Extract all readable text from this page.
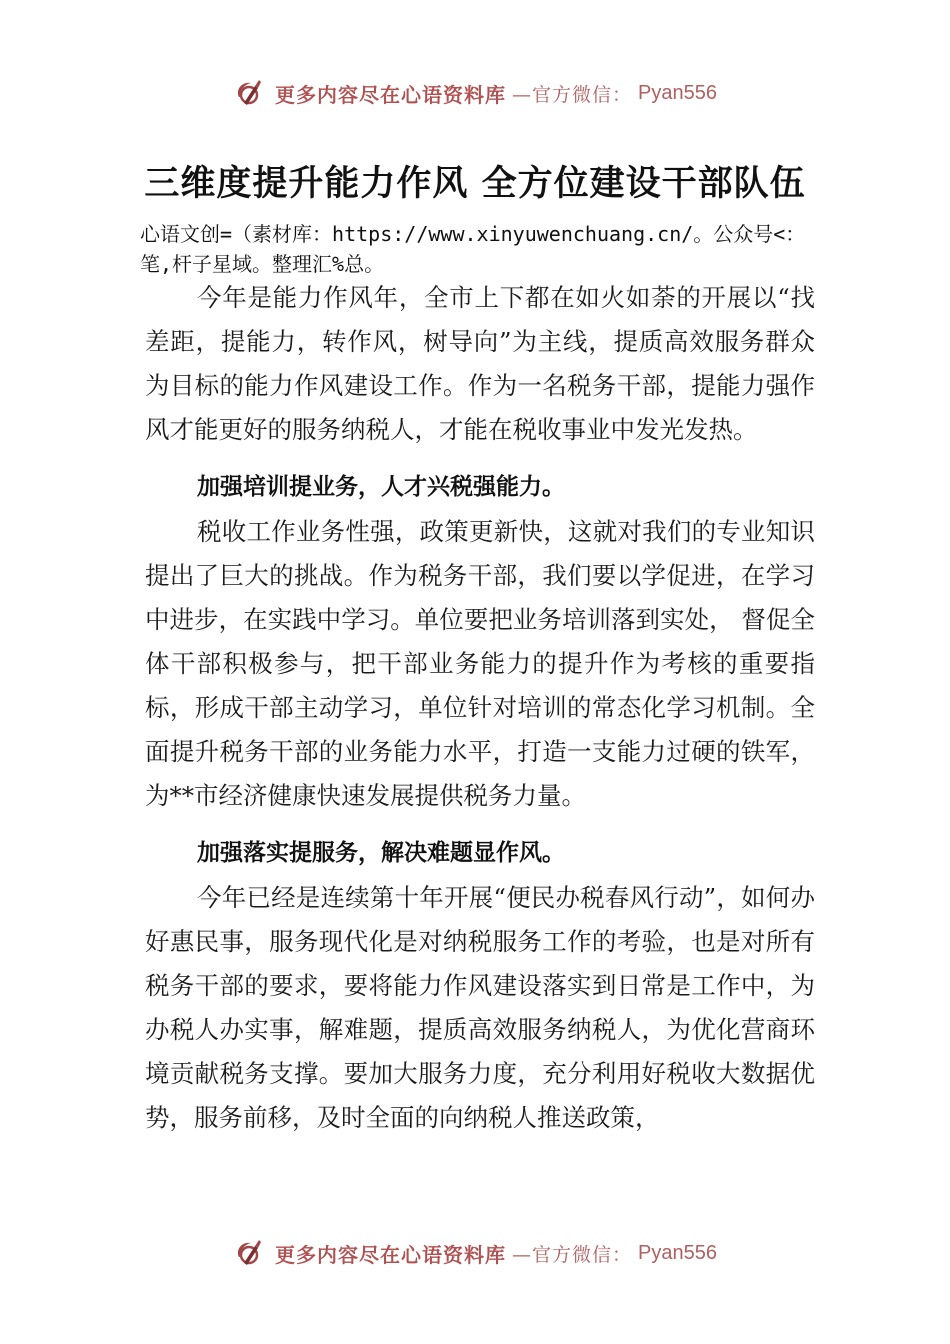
更多内容尽在心语资料库 —官方微信： Pyan556
三维度提升能力作风 全方位建设干部队伍
心语文创=（素材库：https://www.xinyuwenchuang.cn/。公众号<：笔,杆子星域。整理汇%总。

今年是能力作风年，全市上下都在如火如荼的开展以“找差距，提能力，转作风，树导向”为主线，提质高效服务群众为目标的能力作风建设工作。作为一名税务干部，提能力强作风才能更好的服务纳税人，才能在税收事业中发光发热。

加强培训提业务，人才兴税强能力。

税收工作业务性强，政策更新快，这就对我们的专业知识提出了巨大的挑战。作为税务干部，我们要以学促进，在学习中进步，在实践中学习。单位要把业务培训落到实处， 督促全体干部积极参与，把干部业务能力的提升作为考核的重要指标，形成干部主动学习，单位针对培训的常态化学习机制。全面提升税务干部的业务能力水平，打造一支能力过硬的铁军，为**市经济健康快速发展提供税务力量。

加强落实提服务，解决难题显作风。

今年已经是连续第十年开展“便民办税春风行动”，如何办好惠民事，服务现代化是对纳税服务工作的考验，也是对所有税务干部的要求，要将能力作风建设落实到日常是工作中，为办税人办实事，解难题，提质高效服务纳税人，为优化营商环境贡献税务支撑。要加大服务力度，充分利用好税收大数据优势，服务前移，及时全面的向纳税人推送政策，

更多内容尽在心语资料库 —官方微信： Pyan556
